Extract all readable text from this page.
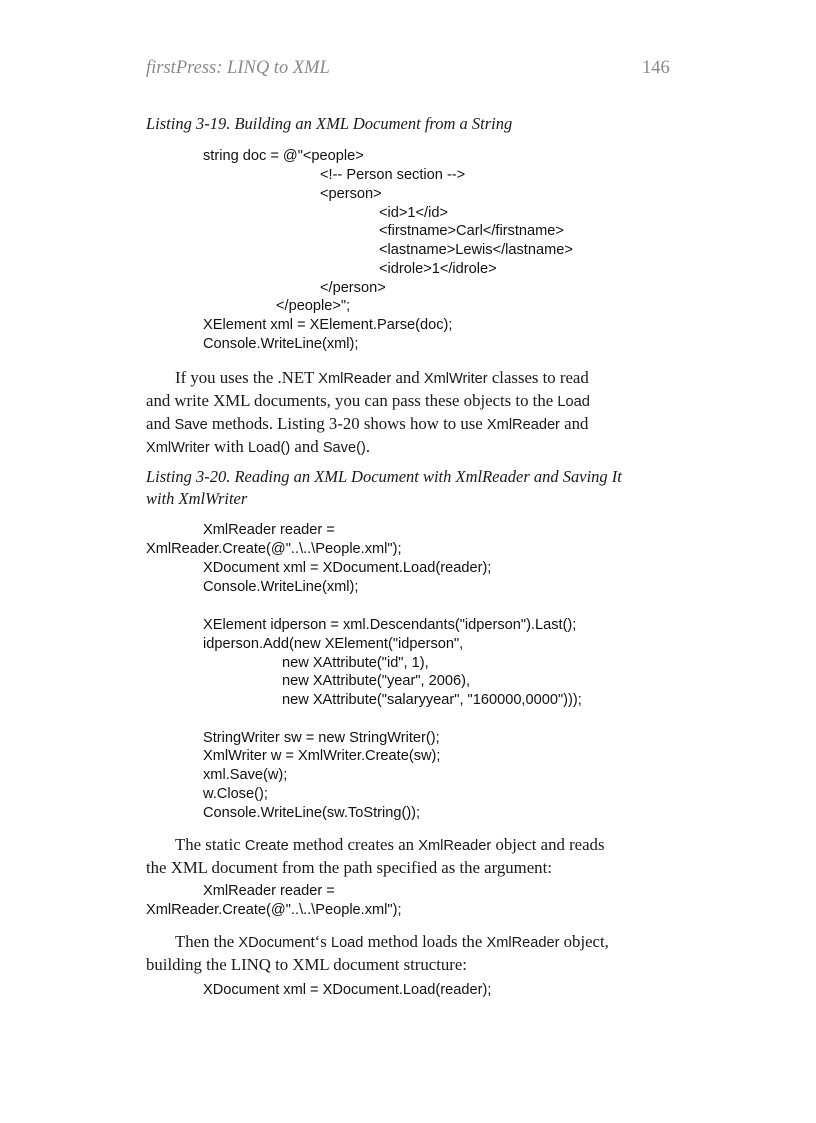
firstPress: LINQ to XML	146
Listing 3-19. Building an XML Document from a String
string doc = @"<people>
<!-- Person section -->
<person>
<id>1</id>
<firstname>Carl</firstname>
<lastname>Lewis</lastname>
<idrole>1</idrole>
</person>
</people>";
XElement xml = XElement.Parse(doc);
Console.WriteLine(xml);
If you uses the .NET XmlReader and XmlWriter classes to read
and write XML documents, you can pass these objects to the Load
and Save methods. Listing 3-20 shows how to use XmlReader and
XmlWriter with Load() and Save().
Listing 3-20. Reading an XML Document with XmlReader and Saving It
with XmlWriter
XmlReader reader =
XmlReader.Create(@"..\..\People.xml");
XDocument xml = XDocument.Load(reader);
Console.WriteLine(xml);
XElement idperson = xml.Descendants("idperson").Last();
idperson.Add(new XElement("idperson",
new XAttribute("id", 1),
new XAttribute("year", 2006),
new XAttribute("salaryyear", "160000,0000")));
StringWriter sw = new StringWriter();
XmlWriter w = XmlWriter.Create(sw);
xml.Save(w);
w.Close();
Console.WriteLine(sw.ToString());
The static Create method creates an XmlReader object and reads
the XML document from the path specified as the argument:
XmlReader reader =
XmlReader.Create(@"..\..\People.xml");
Then the XDocument‘s Load method loads the XmlReader object,
building the LINQ to XML document structure:
XDocument xml = XDocument.Load(reader);
